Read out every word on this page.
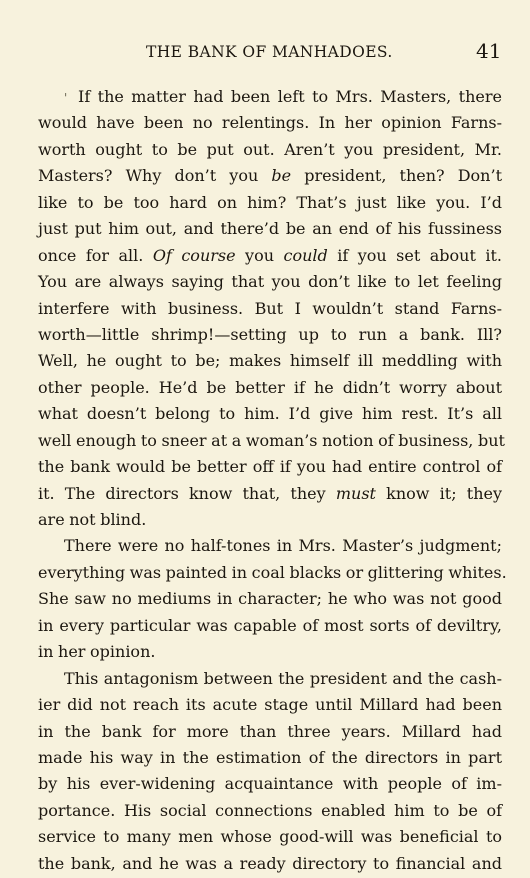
THE BANK OF MANHADOES.	41
' If the matter had been left to Mrs. Masters, there
would have been no relentings. In her opinion Farns-
worth ought to be put out. Aren’t you president, Mr.
Masters? Why don’t you be president, then? Don’t
like to be too hard on him? That’s just like you. I’d
just put him out, and there’d be an end of his fussiness
once for all. Of course you could if you set about it.
You are always saying that you don’t like to let feeling
interfere with business. But I wouldn’t stand Farns-
worth—little shrimp!—setting up to run a bank. Ill?
Well, he ought to be; makes himself ill meddling with
other people. He’d be better if he didn’t worry about
what doesn’t belong to him. I’d give him rest. It’s all
well enough to sneer at a woman’s notion of business, but
the bank would be better off if you had entire control of
it. The directors know that, they must know it; they
are not blind.
There were no half-tones in Mrs. Master’s judgment;
everything was painted in coal blacks or glittering whites.
She saw no mediums in character; he who was not good
in every particular was capable of most sorts of deviltry,
in her opinion.
This antagonism between the president and the cash-
ier did not reach its acute stage until Millard had been
in the bank for more than three years. Millard had
made his way in the estimation of the directors in part
by his ever-widening acquaintance with people of im-
portance. His social connections enabled him to be of
service to many men whose good-will was beneficial to
the bank, and he was a ready directory to financial and
